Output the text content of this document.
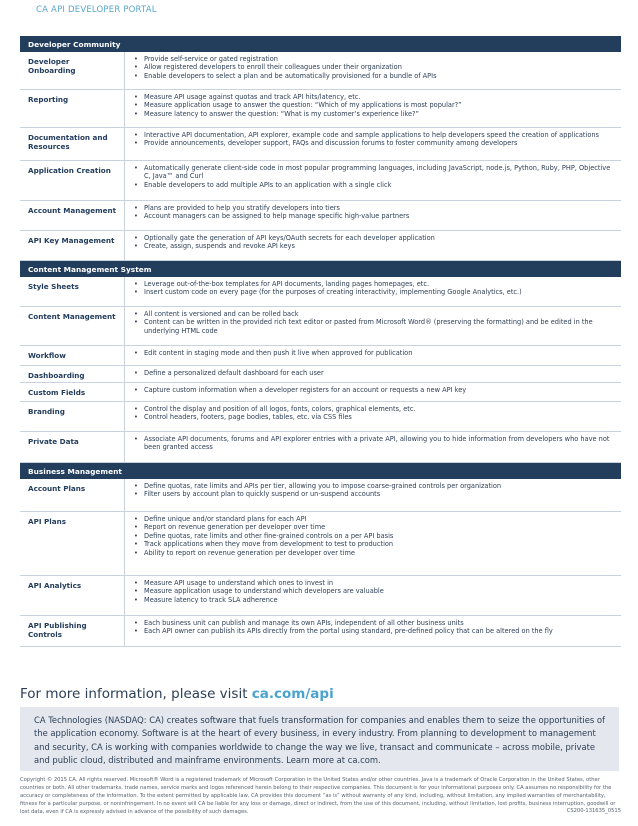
CA API DEVELOPER PORTAL
Developer Community
Developer Onboarding
• Provide self-service or gated registration
• Allow registered developers to enroll their colleagues under their organization
• Enable developers to select a plan and be automatically provisioned for a bundle of APIs
Reporting	• Measure API usage against quotas and track API hits/latency, etc.
• Measure application usage to answer the question: “Which of my applications is most popular?”
• Measure latency to answer the question: “What is my customer’s experience like?”
Documentation and Resources
• Interactive API documentation, API explorer, example code and sample applications to help developers speed the creation of applications
• Provide announcements, developer support, FAQs and discussion forums to foster community among developers
Application Creation	• Automatically generate client-side code in most popular programming languages, including JavaScript, node.js, Python, Ruby, PHP, Objective C, Java™ and Curl
• Enable developers to add multiple APIs to an application with a single click
Account Management	• Plans are provided to help you stratify developers into tiers
• Account managers can be assigned to help manage specific high-value partners
API Key Management	• Optionally gate the generation of API keys/OAuth secrets for each developer application
• Create, assign, suspends and revoke API keys
Content Management System
Style Sheets	• Leverage out-of-the-box templates for API documents, landing pages homepages, etc.
• Insert custom code on every page (for the purposes of creating interactivity, implementing Google Analytics, etc.)
Content Management	• All content is versioned and can be rolled back
• Content can be written in the provided rich text editor or pasted from Microsoft Word® (preserving the formatting) and be edited in the underlying HTML code
Workflow	• Edit content in staging mode and then push it live when approved for publication
Dashboarding	• Define a personalized default dashboard for each user
Custom Fields	• Capture custom information when a developer registers for an account or requests a new API key
Branding	• Control the display and position of all logos, fonts, colors, graphical elements, etc.
• Control headers, footers, page bodies, tables, etc. via CSS files
Private Data	• Associate API documents, forums and API explorer entries with a private API, allowing you to hide information from developers who have not been granted access
Business Management
Account Plans	• Define quotas, rate limits and APIs per tier, allowing you to impose coarse-grained controls per organization
• Filter users by account plan to quickly suspend or un-suspend accounts
API Plans	• Define unique and/or standard plans for each API
• Report on revenue generation per developer over time
• Define quotas, rate limits and other fine-grained controls on a per API basis
• Track applications when they move from development to test to production
• Ability to report on revenue generation per developer over time
API Analytics	• Measure API usage to understand which ones to invest in
• Measure application usage to understand which developers are valuable
• Measure latency to track SLA adherence
API Publishing Controls
• Each business unit can publish and manage its own APIs, independent of all other business units
• Each API owner can publish its APIs directly from the portal using standard, pre-defined policy that can be altered on the fly
For more information, please visit ca.com/api
CA Technologies (NASDAQ: CA) creates software that fuels transformation for companies and enables them to seize the opportunities of the application economy. Software is at the heart of every business, in every industry. From planning to development to management and security, CA is working with companies worldwide to change the way we live, transact and communicate – across mobile, private and public cloud, distributed and mainframe environments. Learn more at ca.com.
Copyright © 2015 CA. All rights reserved. Microsoft® Word is a registered trademark of Microsoft Corporation in the United States and/or other countries. Java is a trademark of Oracle Corporation in the United States, other countries or both. All other trademarks, trade names, service marks and logos referenced herein belong to their respective companies. This document is for your informational purposes only. CA assumes no responsibility for the accuracy or completeness of the information. To the extent permitted by applicable law, CA provides this document “as is” without warranty of any kind, including, without limitation, any implied warranties of merchantability, fitness for a particular purpose, or noninfringement. In no event will CA be liable for any loss or damage, direct or indirect, from the use of this document, including, without limitation, lost profits, business interruption, goodwill or lost data, even if CA is expressly advised in advance of the possibility of such damages.	CS200-131635_0515
